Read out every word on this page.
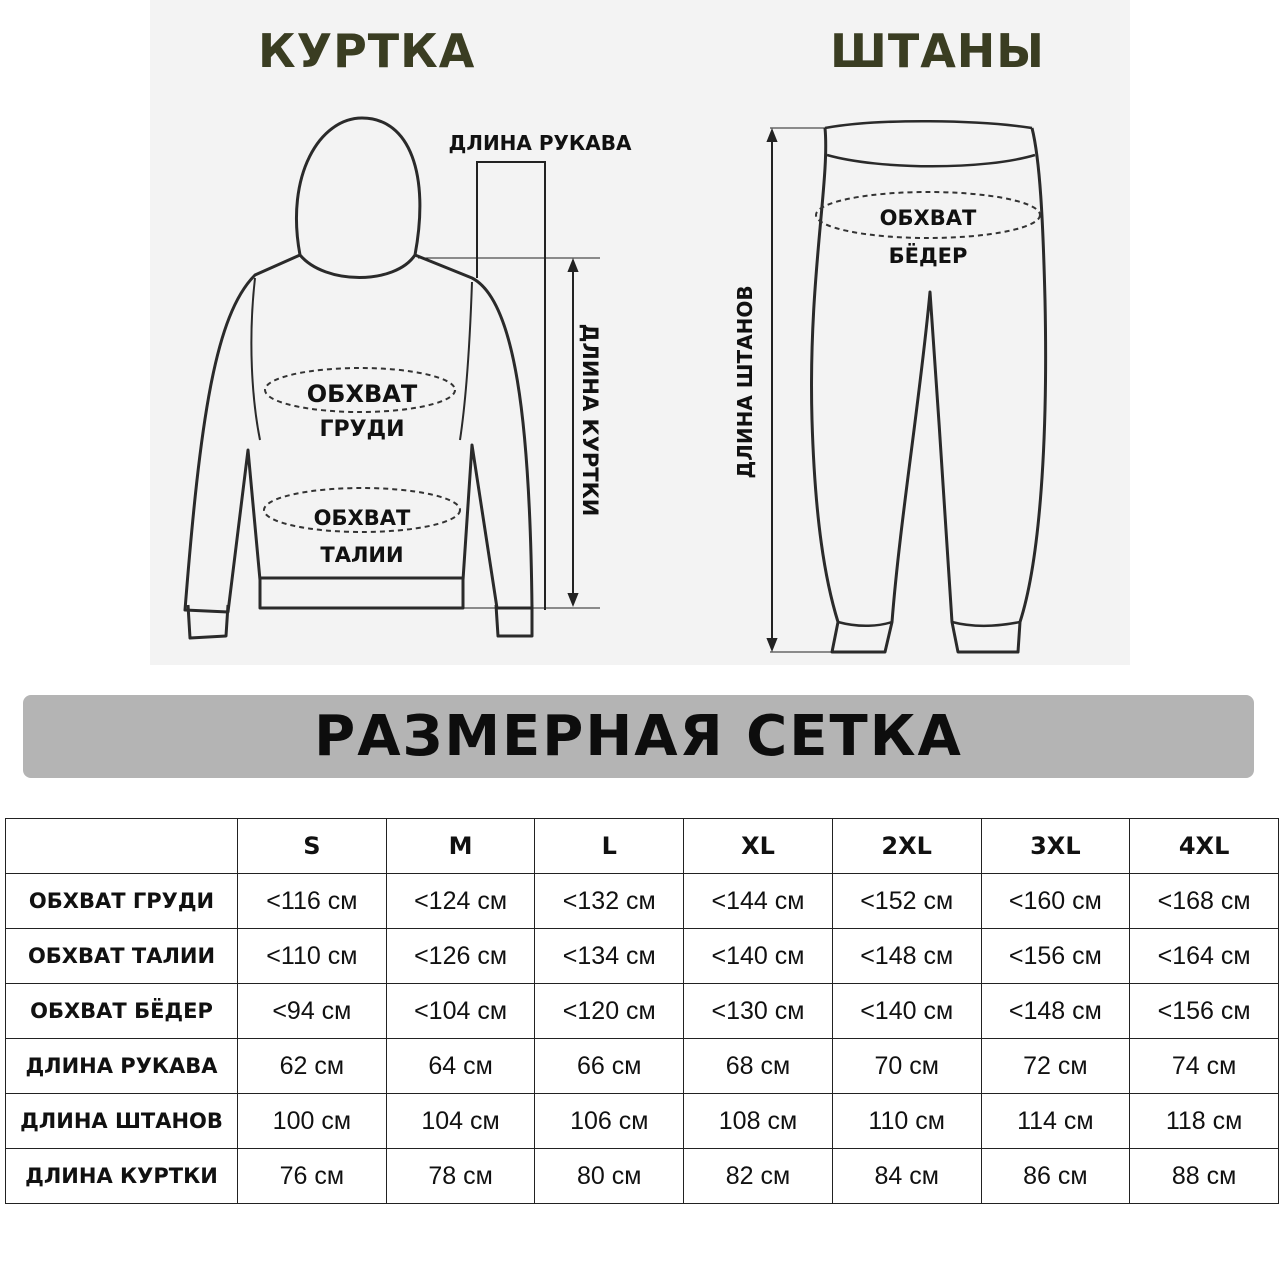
КУРТКА	ШТАНЫ
ДЛИНА РУКАВА
ДЛИНА КУРТКИ
ОБХВАТ
ГРУДИ
ОБХВАТ
ТАЛИИ
ОБХВАТ
БЁДЕР
ДЛИНА ШТАНОВ
РАЗМЕРНАЯ СЕТКА
	S	M	L	XL	2XL	3XL	4XL
ОБХВАТ ГРУДИ	<116 см	<124 см	<132 см	<144 см	<152 см	<160 см	<168 см
ОБХВАТ ТАЛИИ	<110 см	<126 см	<134 см	<140 см	<148 см	<156 см	<164 см
ОБХВАТ БЁДЕР	<94 см	<104 см	<120 см	<130 см	<140 см	<148 см	<156 см
ДЛИНА РУКАВА	62 см	64 см	66 см	68 см	70 см	72 см	74 см
ДЛИНА ШТАНОВ	100 см	104 см	106 см	108 см	110 см	114 см	118 см
ДЛИНА КУРТКИ	76 см	78 см	80 см	82 см	84 см	86 см	88 см
